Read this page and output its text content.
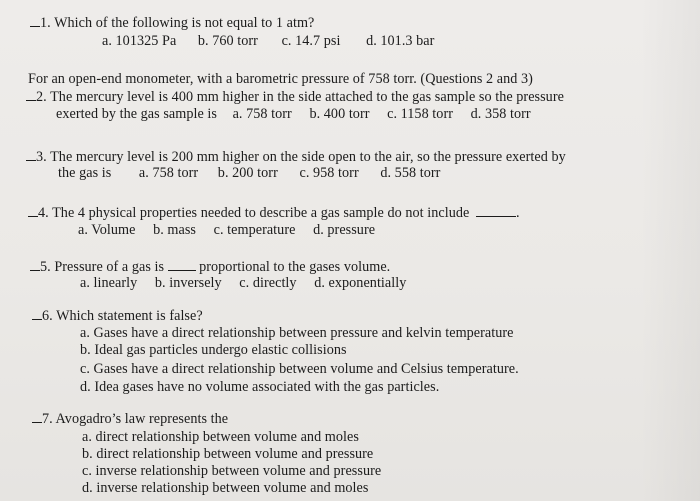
1. Which of the following is not equal to 1 atm?
a. 101325 Pa b. 760 torr c. 14.7 psi d. 101.3 bar
For an open-end monometer, with a barometric pressure of 758 torr. (Questions 2 and 3)
2. The mercury level is 400 mm higher in the side attached to the gas sample so the pressure
exerted by the gas sample is a. 758 torr b. 400 torr c. 1158 torr d. 358 torr
3. The mercury level is 200 mm higher on the side open to the air, so the pressure exerted by
the gas is a. 758 torr b. 200 torr c. 958 torr d. 558 torr
4. The 4 physical properties needed to describe a gas sample do not include	.
a. Volume b. mass c. temperature d. pressure
5. Pressure of a gas is proportional to the gases volume.
a. linearly b. inversely c. directly d. exponentially
6. Which statement is false?
a. Gases have a direct relationship between pressure and kelvin temperature
b. Ideal gas particles undergo elastic collisions
c. Gases have a direct relationship between volume and Celsius temperature.
d. Idea gases have no volume associated with the gas particles.
7. Avogadro’s law represents the
a. direct relationship between volume and moles
b. direct relationship between volume and pressure
c. inverse relationship between volume and pressure
d. inverse relationship between volume and moles
